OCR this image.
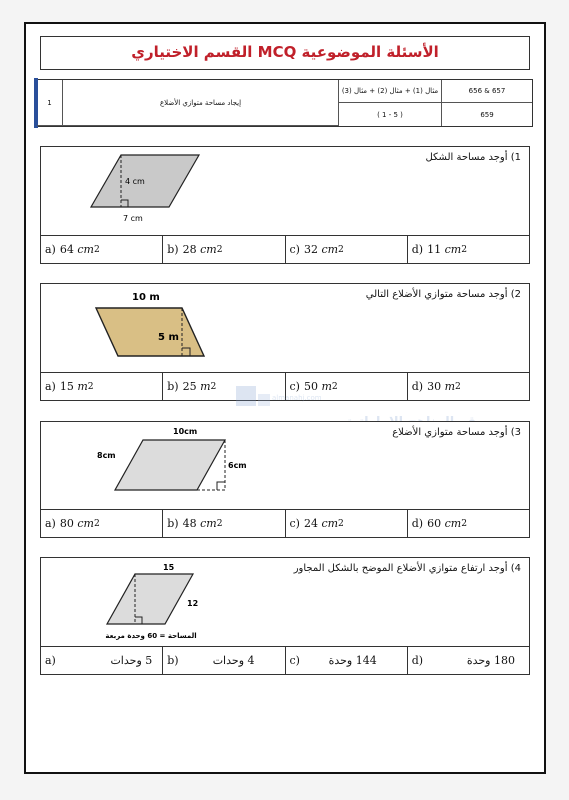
الأسئلة الموضوعية MCQ القسم الاختياري
1	إيجاد مساحة متوازي الأضلاع
مثال (1) + مثال (2) + مثال (3)	656 & 657
( 1 - 5 )	659
1) أوجد مساحة الشكل
4 cm
7 cm
a) 64
cm 2	b) 28
cm 2	c) 32
cm 2	d) 11
cm 2
2) أوجد مساحة متوازي الأضلاع التالي
10 m
5 m
a) 15
m 2	b) 25
m 2	c) 50
m 2	d) 30
m 2
almanahj.com
3) أوجد مساحة متوازي الأضلاع
10cm
8cm
6cm
a) 80
cm 2	b) 48
cm 2	c) 24
cm 2	d) 60
cm 2
4) أوجد ارتفاع متوازي الأضلاع الموضح بالشكل المجاور
15
12
المساحة = 60 وحدة مربعة
a)	5 وحدات b)	4 وحدات	c)	144 وحدة	d)	180 وحدة
